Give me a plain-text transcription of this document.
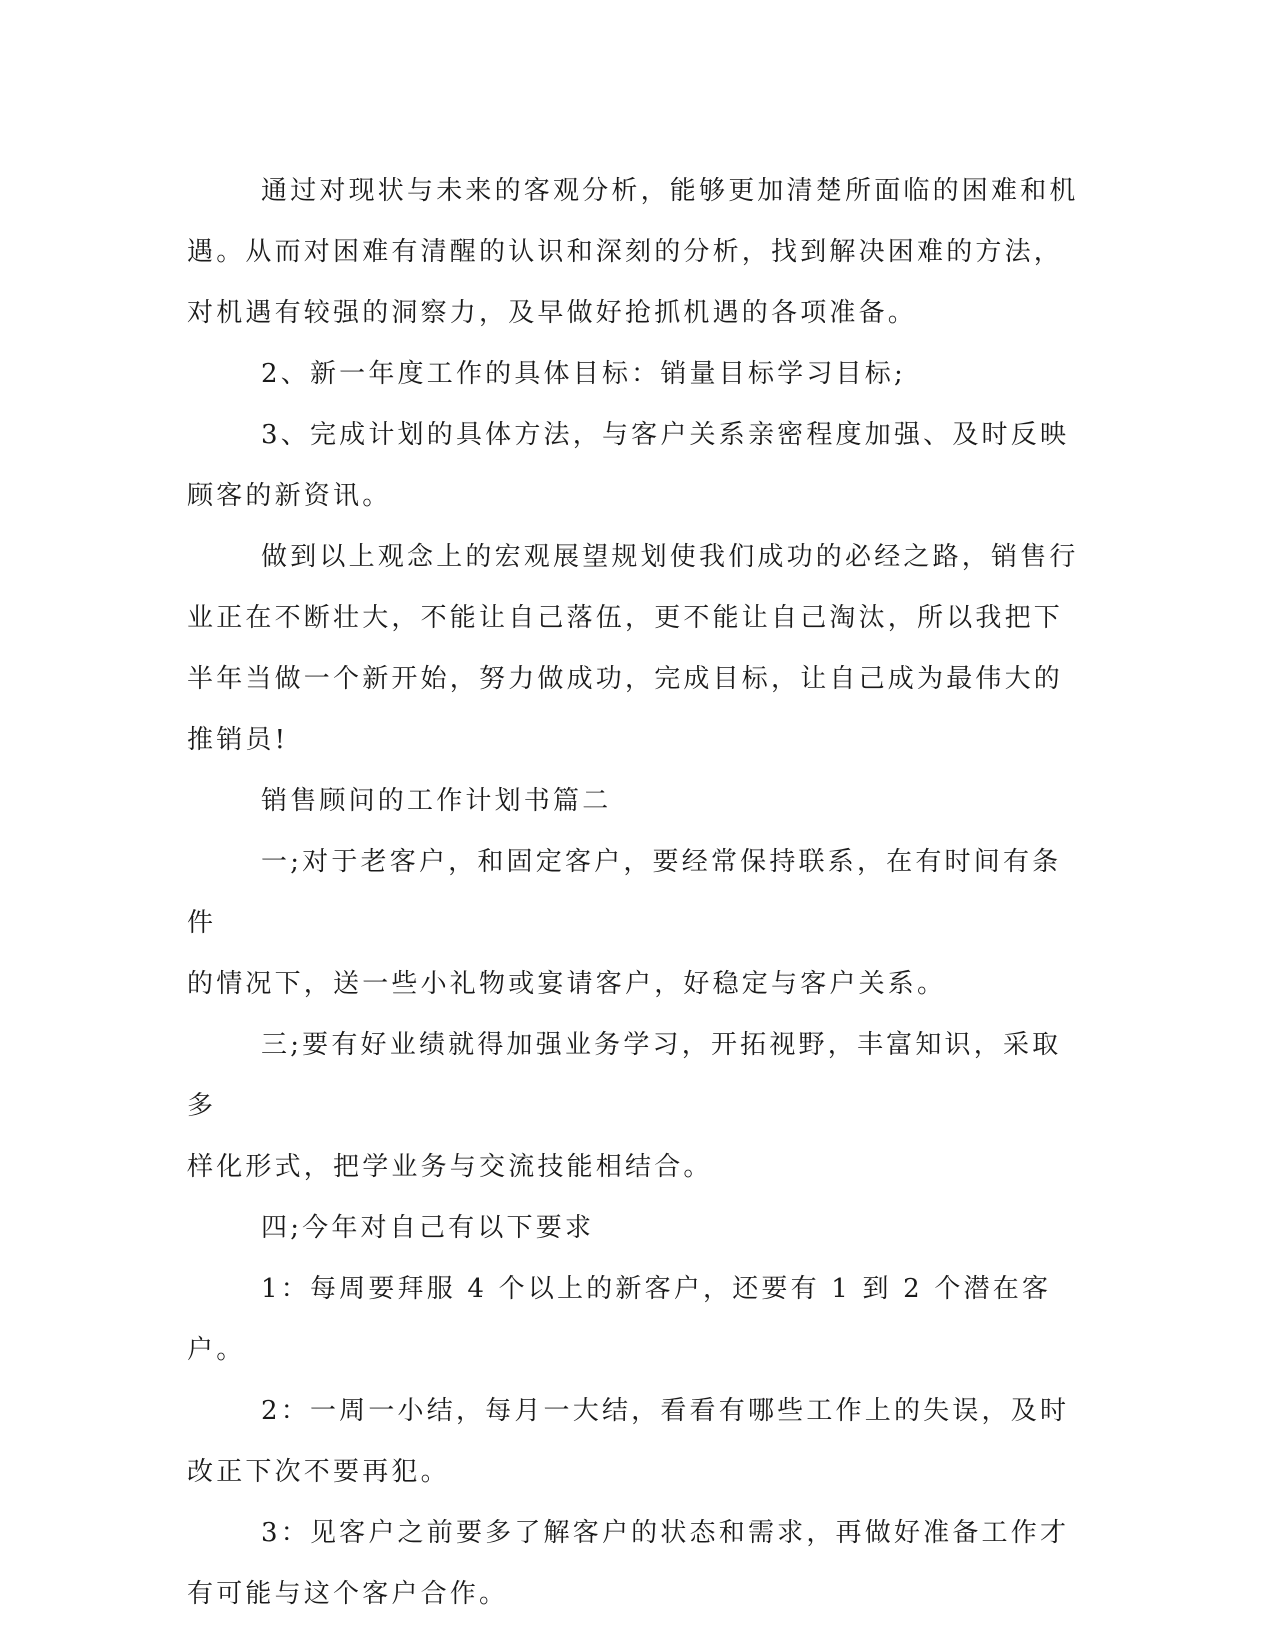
通过对现状与未来的客观分析，能够更加清楚所面临的困难和机
遇。从而对困难有清醒的认识和深刻的分析，找到解决困难的方法，
对机遇有较强的洞察力，及早做好抢抓机遇的各项准备。

2、新一年度工作的具体目标：销量目标学习目标;

3、完成计划的具体方法，与客户关系亲密程度加强、及时反映
顾客的新资讯。

做到以上观念上的宏观展望规划使我们成功的必经之路，销售行
业正在不断壮大，不能让自己落伍，更不能让自己淘汰，所以我把下
半年当做一个新开始，努力做成功，完成目标，让自己成为最伟大的
推销员!

销售顾问的工作计划书篇二

一;对于老客户，和固定客户，要经常保持联系，在有时间有条件
的情况下，送一些小礼物或宴请客户，好稳定与客户关系。

三;要有好业绩就得加强业务学习，开拓视野，丰富知识，采取多
样化形式，把学业务与交流技能相结合。

四;今年对自己有以下要求

1：每周要拜服 4 个以上的新客户，还要有 1 到 2 个潜在客户。

2：一周一小结，每月一大结，看看有哪些工作上的失误，及时
改正下次不要再犯。

3：见客户之前要多了解客户的状态和需求，再做好准备工作才
有可能与这个客户合作。
